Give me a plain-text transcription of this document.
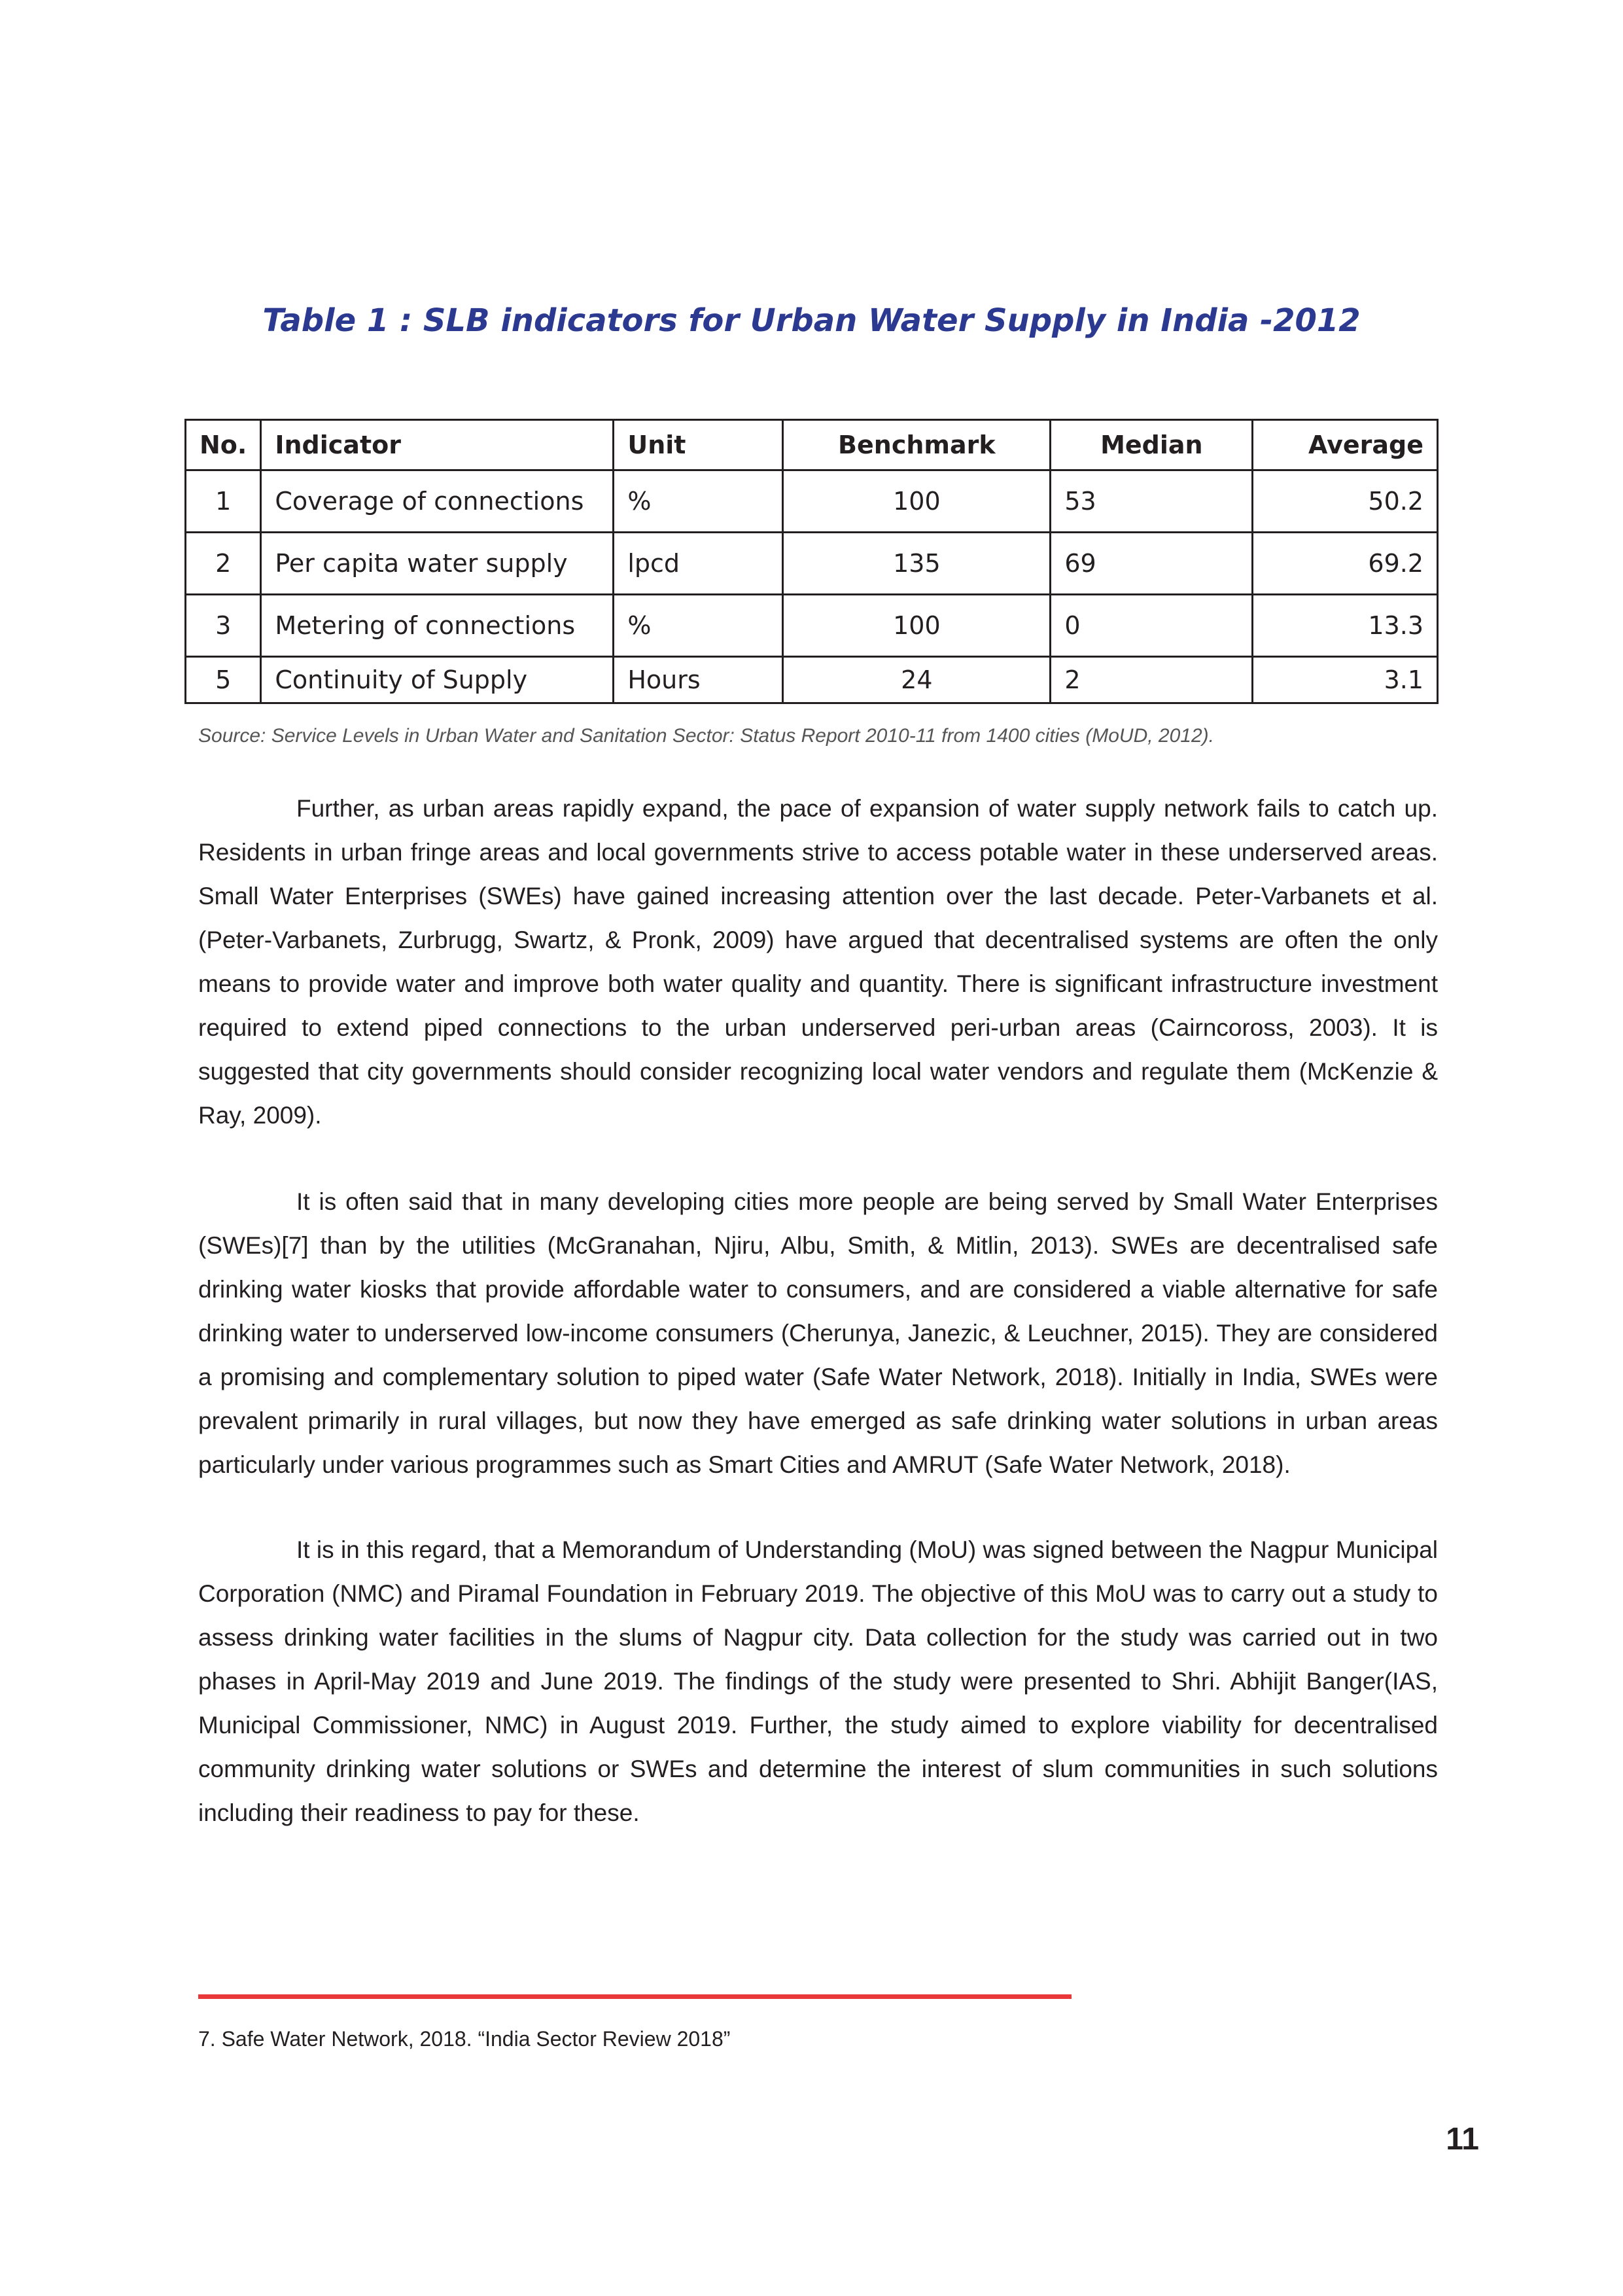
Table 1 : SLB indicators for Urban Water Supply in India -2012
No.	Indicator	Unit	Benchmark	Median	Average
1	Coverage of connections	%	100	53	50.2
2	Per capita water supply	lpcd	135	69	69.2
3	Metering of connections	%	100	0	13.3
5	Continuity of Supply	Hours	24	2	3.1
Source: Service Levels in Urban Water and Sanitation Sector: Status Report 2010-11 from 1400 cities (MoUD, 2012).

Further, as urban areas rapidly expand, the pace of expansion of water supply network fails to catch up. Residents in urban fringe areas and local governments strive to access potable water in these underserved areas. Small Water Enterprises (SWEs) have gained increasing attention over the last decade. Peter-Varbanets et al. (Peter-Varbanets, Zurbrugg, Swartz, & Pronk, 2009) have argued that decentralised systems are often the only means to provide water and improve both water quality and quantity. There is significant infrastructure investment required to extend piped connections to the urban underserved peri-urban areas (Cairncoross, 2003). It is suggested that city governments should consider recognizing local water vendors and regulate them (McKenzie & Ray, 2009).

It is often said that in many developing cities more people are being served by Small Water Enterprises (SWEs)[7] than by the utilities (McGranahan, Njiru, Albu, Smith, & Mitlin, 2013). SWEs are decentralised safe drinking water kiosks that provide affordable water to consumers, and are considered a viable alternative for safe drinking water to underserved low-income consumers (Cherunya, Janezic, & Leuchner, 2015). They are considered a promising and complementary solution to piped water (Safe Water Network, 2018). Initially in India, SWEs were prevalent primarily in rural villages, but now they have emerged as safe drinking water solutions in urban areas particularly under various programmes such as Smart Cities and AMRUT (Safe Water Network, 2018).

It is in this regard, that a Memorandum of Understanding (MoU) was signed between the Nagpur Municipal Corporation (NMC) and Piramal Foundation in February 2019. The objective of this MoU was to carry out a study to assess drinking water facilities in the slums of Nagpur city. Data collection for the study was carried out in two phases in April-May 2019 and June 2019. The findings of the study were presented to Shri. Abhijit Banger(IAS, Municipal Commissioner, NMC) in August 2019. Further, the study aimed to explore viability for decentralised community drinking water solutions or SWEs and determine the interest of slum communities in such solutions including their readiness to pay for these.

7. Safe Water Network, 2018. “India Sector Review 2018”
11
